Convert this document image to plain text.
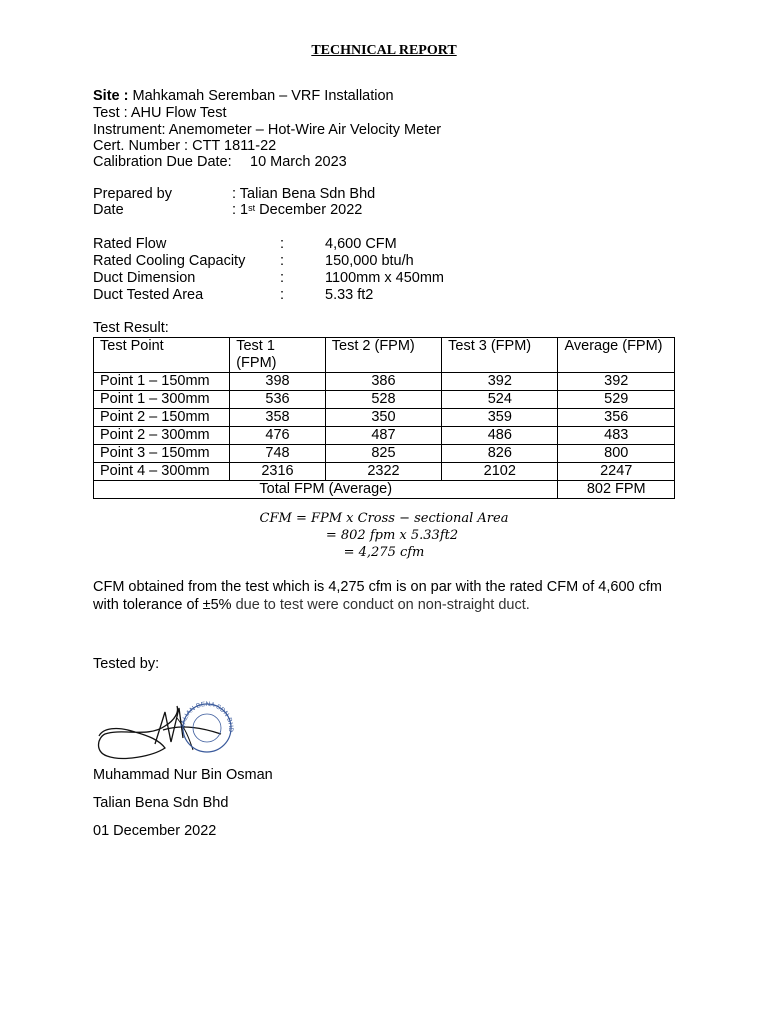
TECHNICAL REPORT
Site : Mahkamah Seremban – VRF Installation
Test : AHU Flow Test
Instrument: Anemometer – Hot-Wire Air Velocity Meter
Cert. Number : CTT 1811-22
Calibration Due Date: 10 March 2023
Prepared by	: Talian Bena Sdn Bhd
Date	: 1st December 2022
Rated Flow	:	4,600 CFM
Rated Cooling Capacity :	150,000 btu/h
Duct Dimension	:	1100mm x 450mm
Duct Tested Area	:	5.33 ft2
Test Result:
Test Point	Test 1 (FPM)	Test 2 (FPM)	Test 3 (FPM)	Average (FPM)
Point 1 – 150mm	398	386	392	392
Point 1 – 300mm	536	528	524	529
Point 2 – 150mm	358	350	359	356
Point 2 – 300mm	476	487	486	483
Point 3 – 150mm	748	825	826	800
Point 4 – 300mm	2316	2322	2102	2247
Total FPM (Average)				802 FPM
CFM = FPM x Cross − sectional Area
= 802 fpm x 5.33ft2
= 4,275 cfm
CFM obtained from the test which is 4,275 cfm is on par with the rated CFM of 4,600 cfm with tolerance of ±5% due to test were conduct on non-straight duct.
Tested by:
TALIAN BENA SDN BHD
Muhammad Nur Bin Osman
Talian Bena Sdn Bhd
01 December 2022
